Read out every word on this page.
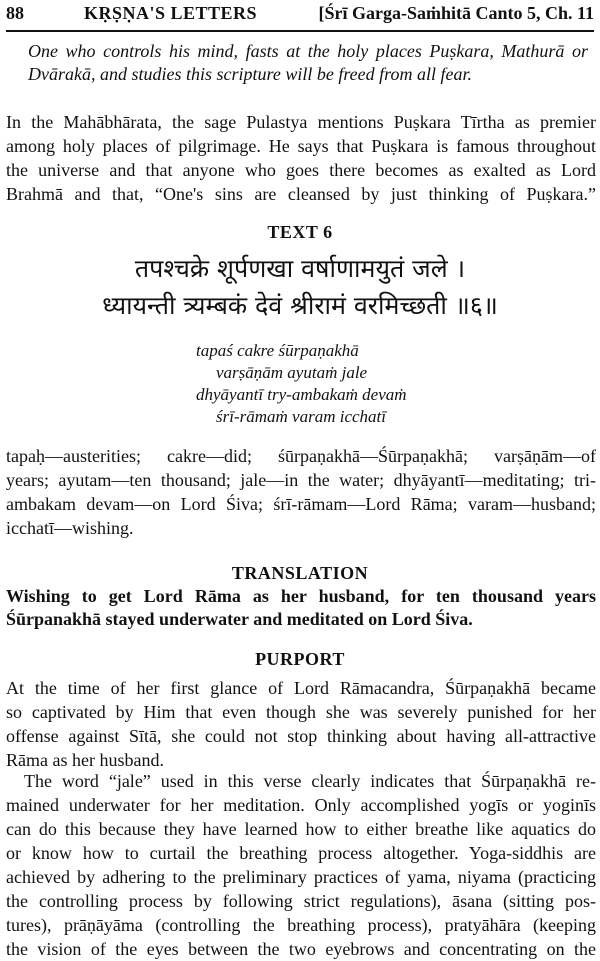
88	KṚṢṆA'S LETTERS	[Śrī Garga-Saṁhitā Canto 5, Ch. 11
One who controls his mind, fasts at the holy places Puṣkara, Mathurā or
Dvārakā, and studies this scripture will be freed from all fear.
In the Mahābhārata, the sage Pulastya mentions Puṣkara Tīrtha as premier
among holy places of pilgrimage. He says that Puṣkara is famous throughout
the universe and that anyone who goes there becomes as exalted as Lord
Brahmā and that, “One's sins are cleansed by just thinking of Puṣkara.”
TEXT 6
तपश्चक्रे शूर्पणखा वर्षाणामयुतं जले ।
ध्यायन्ती त्र्यम्बकं देवं श्रीरामं वरमिच्छती ॥६॥
tapaś cakre śūrpaṇakhā
varṣāṇām ayutaṁ jale
dhyāyantī try-ambakaṁ devaṁ
śrī-rāmaṁ varam icchatī
tapaḥ—austerities; cakre—did; śūrpaṇakhā—Śūrpaṇakhā; varṣāṇām—of
years; ayutam—ten thousand; jale—in the water; dhyāyantī—meditating; tri-
ambakam devam—on Lord Śiva; śrī-rāmam—Lord Rāma; varam—husband;
icchatī—wishing.
TRANSLATION
Wishing to get Lord Rāma as her husband, for ten thousand years
Śūrpanakhā stayed underwater and meditated on Lord Śiva.
PURPORT
At the time of her first glance of Lord Rāmacandra, Śūrpaṇakhā became
so captivated by Him that even though she was severely punished for her
offense against Sītā, she could not stop thinking about having all-attractive
Rāma as her husband.
The word “jale” used in this verse clearly indicates that Śūrpaṇakhā re-
mained underwater for her meditation. Only accomplished yogīs or yoginīs
can do this because they have learned how to either breathe like aquatics do
or know how to curtail the breathing process altogether. Yoga-siddhis are
achieved by adhering to the preliminary practices of yama, niyama (practicing
the controlling process by following strict regulations), āsana (sitting pos-
tures), prāṇāyāma (controlling the breathing process), pratyāhāra (keeping
the vision of the eyes between the two eyebrows and concentrating on the
